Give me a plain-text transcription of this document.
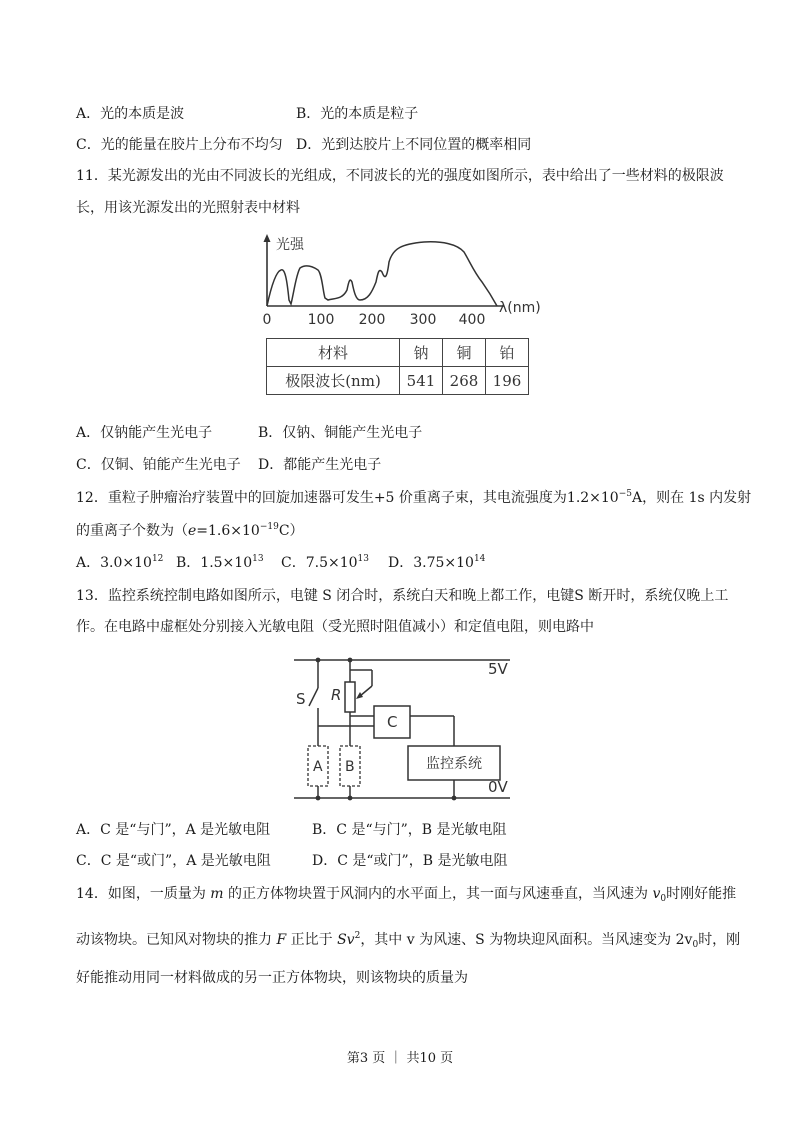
A．光的本质是波	B．光的本质是粒子
C．光的能量在胶片上分布不均匀 D．光到达胶片上不同位置的概率相同
11．某光源发出的光由不同波长的光组成，不同波长的光的强度如图所示，表中给出了一些材料的极限波
长，用该光源发出的光照射表中材料
光强
0	100 200 300 400
λ(nm)
材料	钠	铜	铂
极限波长(nm)	541	268	196
A．仅钠能产生光电子	B．仅钠、铜能产生光电子
C．仅铜、铂能产生光电子 D．都能产生光电子
12．重粒子肿瘤治疗装置中的回旋加速器可发生+5 价重离子束，其电流强度为$1.2\times 10^{-5}A$，则在 1s 内发射
的重离子个数为$(e=1.6\times 10^{-19}C)$
A．$3.0\times 10^{12}$ B．$1.5\times 10^{13}$ C．$7.5\times 10^{13}$ D．$3.75\times 10^{14}$
13．监控系统控制电路如图所示，电键 S 闭合时，系统白天和晚上都工作，电键S 断开时，系统仅晚上工
作。在电路中虚框处分别接入光敏电阻（受光照时阻值减小）和定值电阻，则电路中
5V
0V
S R
C
A B	监控系统
A．C 是“与门”，A 是光敏电阻	B．C 是“与门”，B 是光敏电阻
C．C 是“或门”，A 是光敏电阻	D．C 是“或门”，B 是光敏电阻
14．如图，一质量为 m 的正方体物块置于风洞内的水平面上，其一面与风速垂直，当风速为 $v_0$时刚好能推
动该物块。已知风对物块的推力 F 正比于 Sv$^2$，其中 v 为风速、S 为物块迎风面积。当风速变为 $2v_0$时，刚
好能推动用同一材料做成的另一正方体物块，则该物块的质量为
第3 页 ｜ 共10 页
